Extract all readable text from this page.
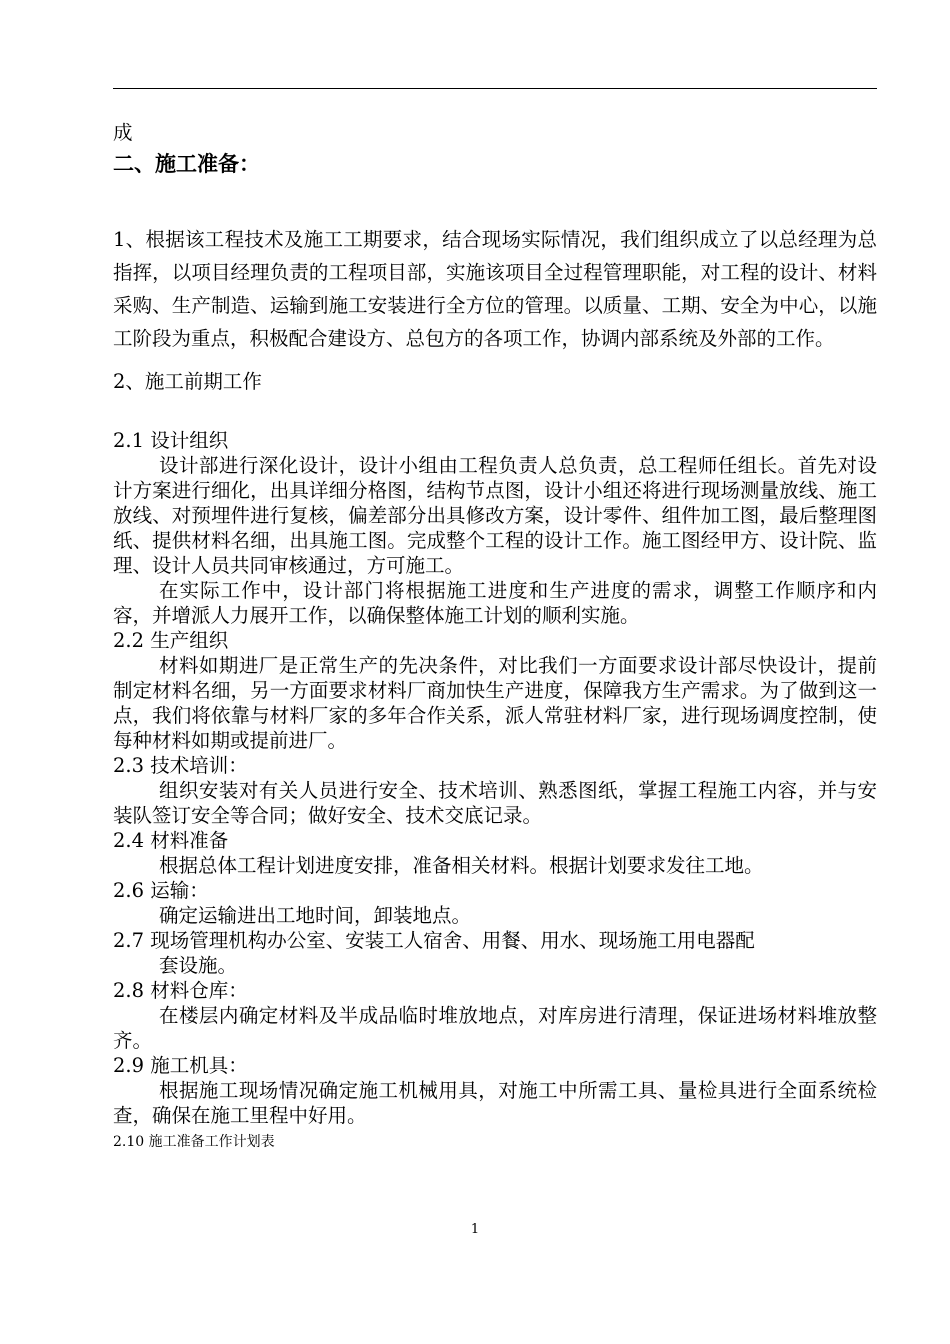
成

二、施工准备：

1、根据该工程技术及施工工期要求，结合现场实际情况，我们组织成立了以总经理为总指挥，以项目经理负责的工程项目部，实施该项目全过程管理职能，对工程的设计、材料采购、生产制造、运输到施工安装进行全方位的管理。以质量、工期、安全为中心，以施工阶段为重点，积极配合建设方、总包方的各项工作，协调内部系统及外部的工作。

2、施工前期工作

2.1 设计组织

设计部进行深化设计，设计小组由工程负责人总负责，总工程师任组长。首先对设计方案进行细化，出具详细分格图，结构节点图，设计小组还将进行现场测量放线、施工放线、对预埋件进行复核，偏差部分出具修改方案，设计零件、组件加工图，最后整理图纸、提供材料名细，出具施工图。完成整个工程的设计工作。施工图经甲方、设计院、监理、设计人员共同审核通过，方可施工。

在实际工作中，设计部门将根据施工进度和生产进度的需求，调整工作顺序和内容，并增派人力展开工作，以确保整体施工计划的顺利实施。

2.2 生产组织

材料如期进厂是正常生产的先决条件，对比我们一方面要求设计部尽快设计，提前制定材料名细，另一方面要求材料厂商加快生产进度，保障我方生产需求。为了做到这一点，我们将依靠与材料厂家的多年合作关系，派人常驻材料厂家，进行现场调度控制，使每种材料如期或提前进厂。

2.3 技术培训：

组织安装对有关人员进行安全、技术培训、熟悉图纸，掌握工程施工内容，并与安装队签订安全等合同；做好安全、技术交底记录。

2.4 材料准备

根据总体工程计划进度安排，准备相关材料。根据计划要求发往工地。

2.6 运输：

确定运输进出工地时间，卸装地点。

2.7 现场管理机构办公室、安装工人宿舍、用餐、用水、现场施工用电器配

套设施。

2.8 材料仓库：

在楼层内确定材料及半成品临时堆放地点，对库房进行清理，保证进场材料堆放整齐。

2.9 施工机具：

根据施工现场情况确定施工机械用具，对施工中所需工具、量检具进行全面系统检查，确保在施工里程中好用。

2.10 施工准备工作计划表

1
